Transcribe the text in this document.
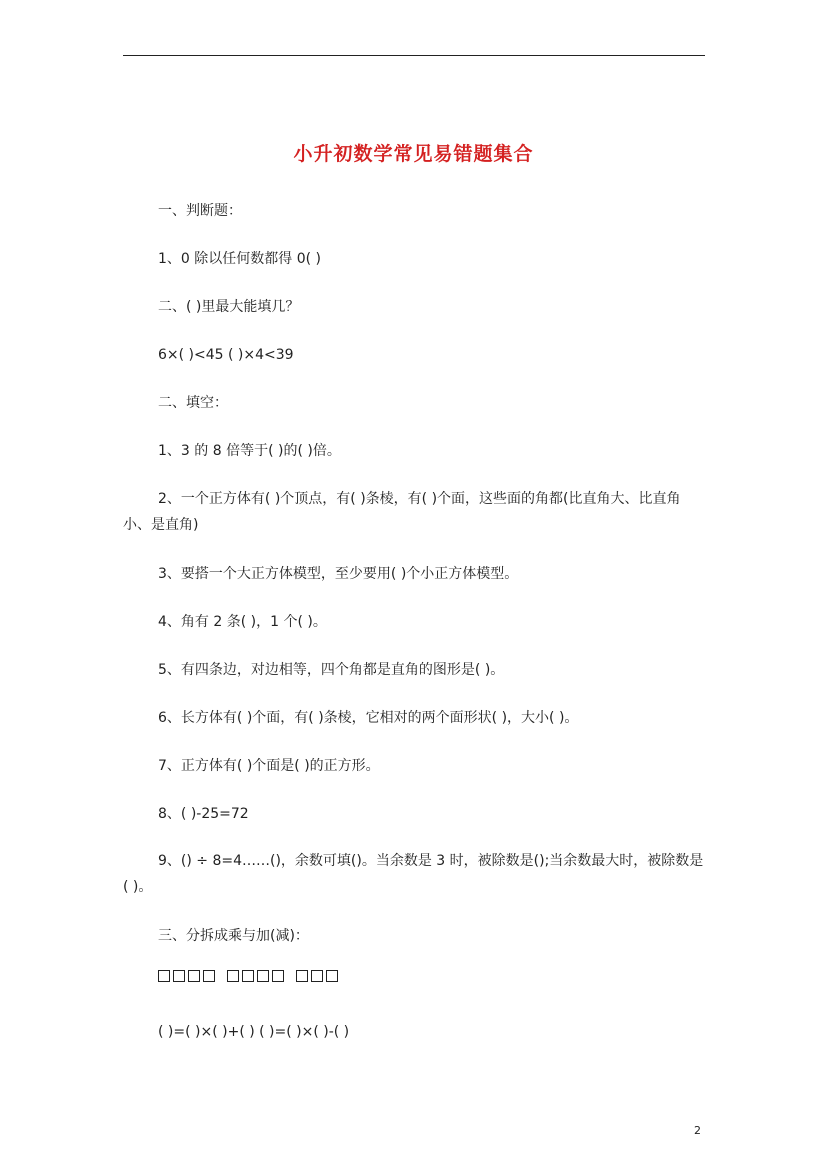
小升初数学常见易错题集合
一、判断题：
1、0 除以任何数都得 0( )
二、( )里最大能填几？
6×( )<45 ( )×4<39
二、填空：
1、3 的 8 倍等于( )的( )倍。
2、一个正方体有( )个顶点，有( )条棱，有( )个面，这些面的角都(比直角大、比直角小、是直角)
3、要搭一个大正方体模型，至少要用( )个小正方体模型。
4、角有 2 条( )，1 个( )。
5、有四条边，对边相等，四个角都是直角的图形是( )。
6、长方体有( )个面，有( )条棱，它相对的两个面形状( )，大小( )。
7、正方体有( )个面是( )的正方形。
8、( )-25=72
9、() ÷ 8=4……()，余数可填()。当余数是 3 时，被除数是();当余数最大时，被除数是( )。
三、分拆成乘与加(减)：
( )=( )×( )+( ) ( )=( )×( )-( )
2
